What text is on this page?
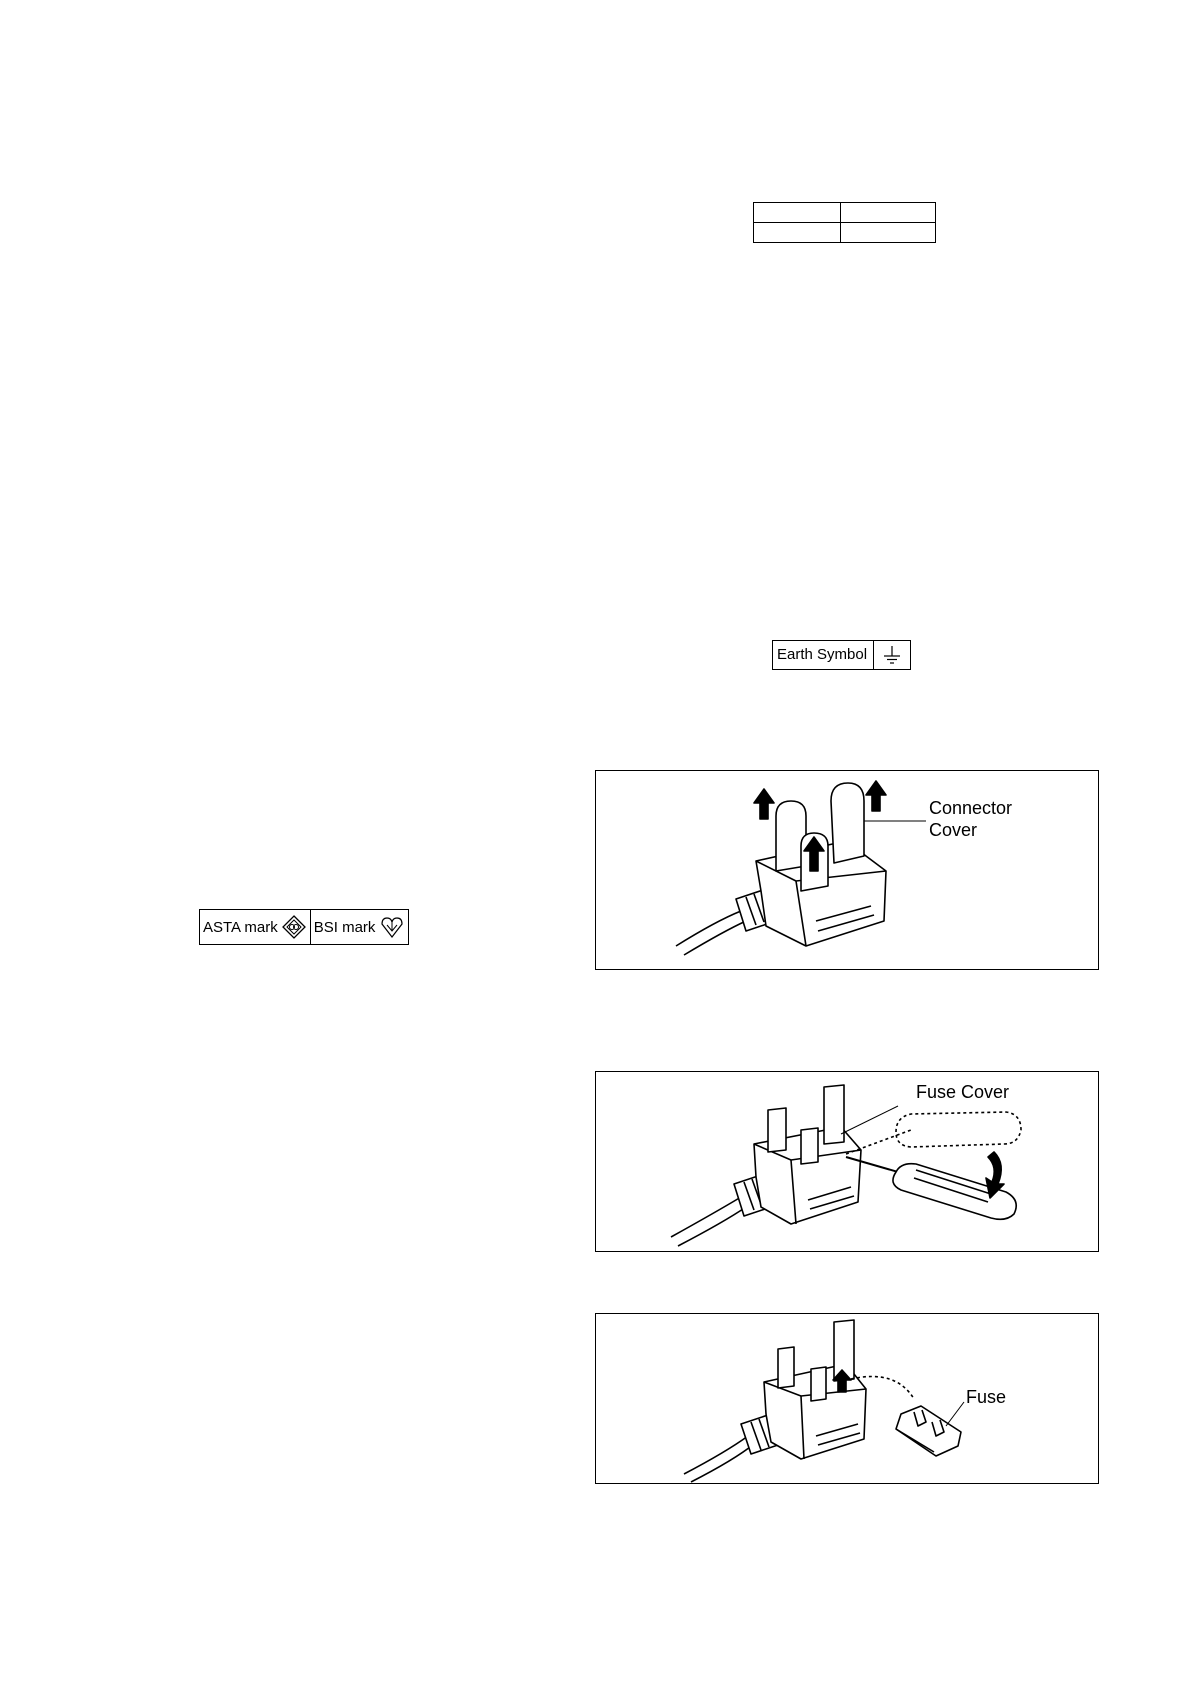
Earth Symbol
ASTA mark BSI mark
Connector
Cover
Fuse Cover
Fuse
